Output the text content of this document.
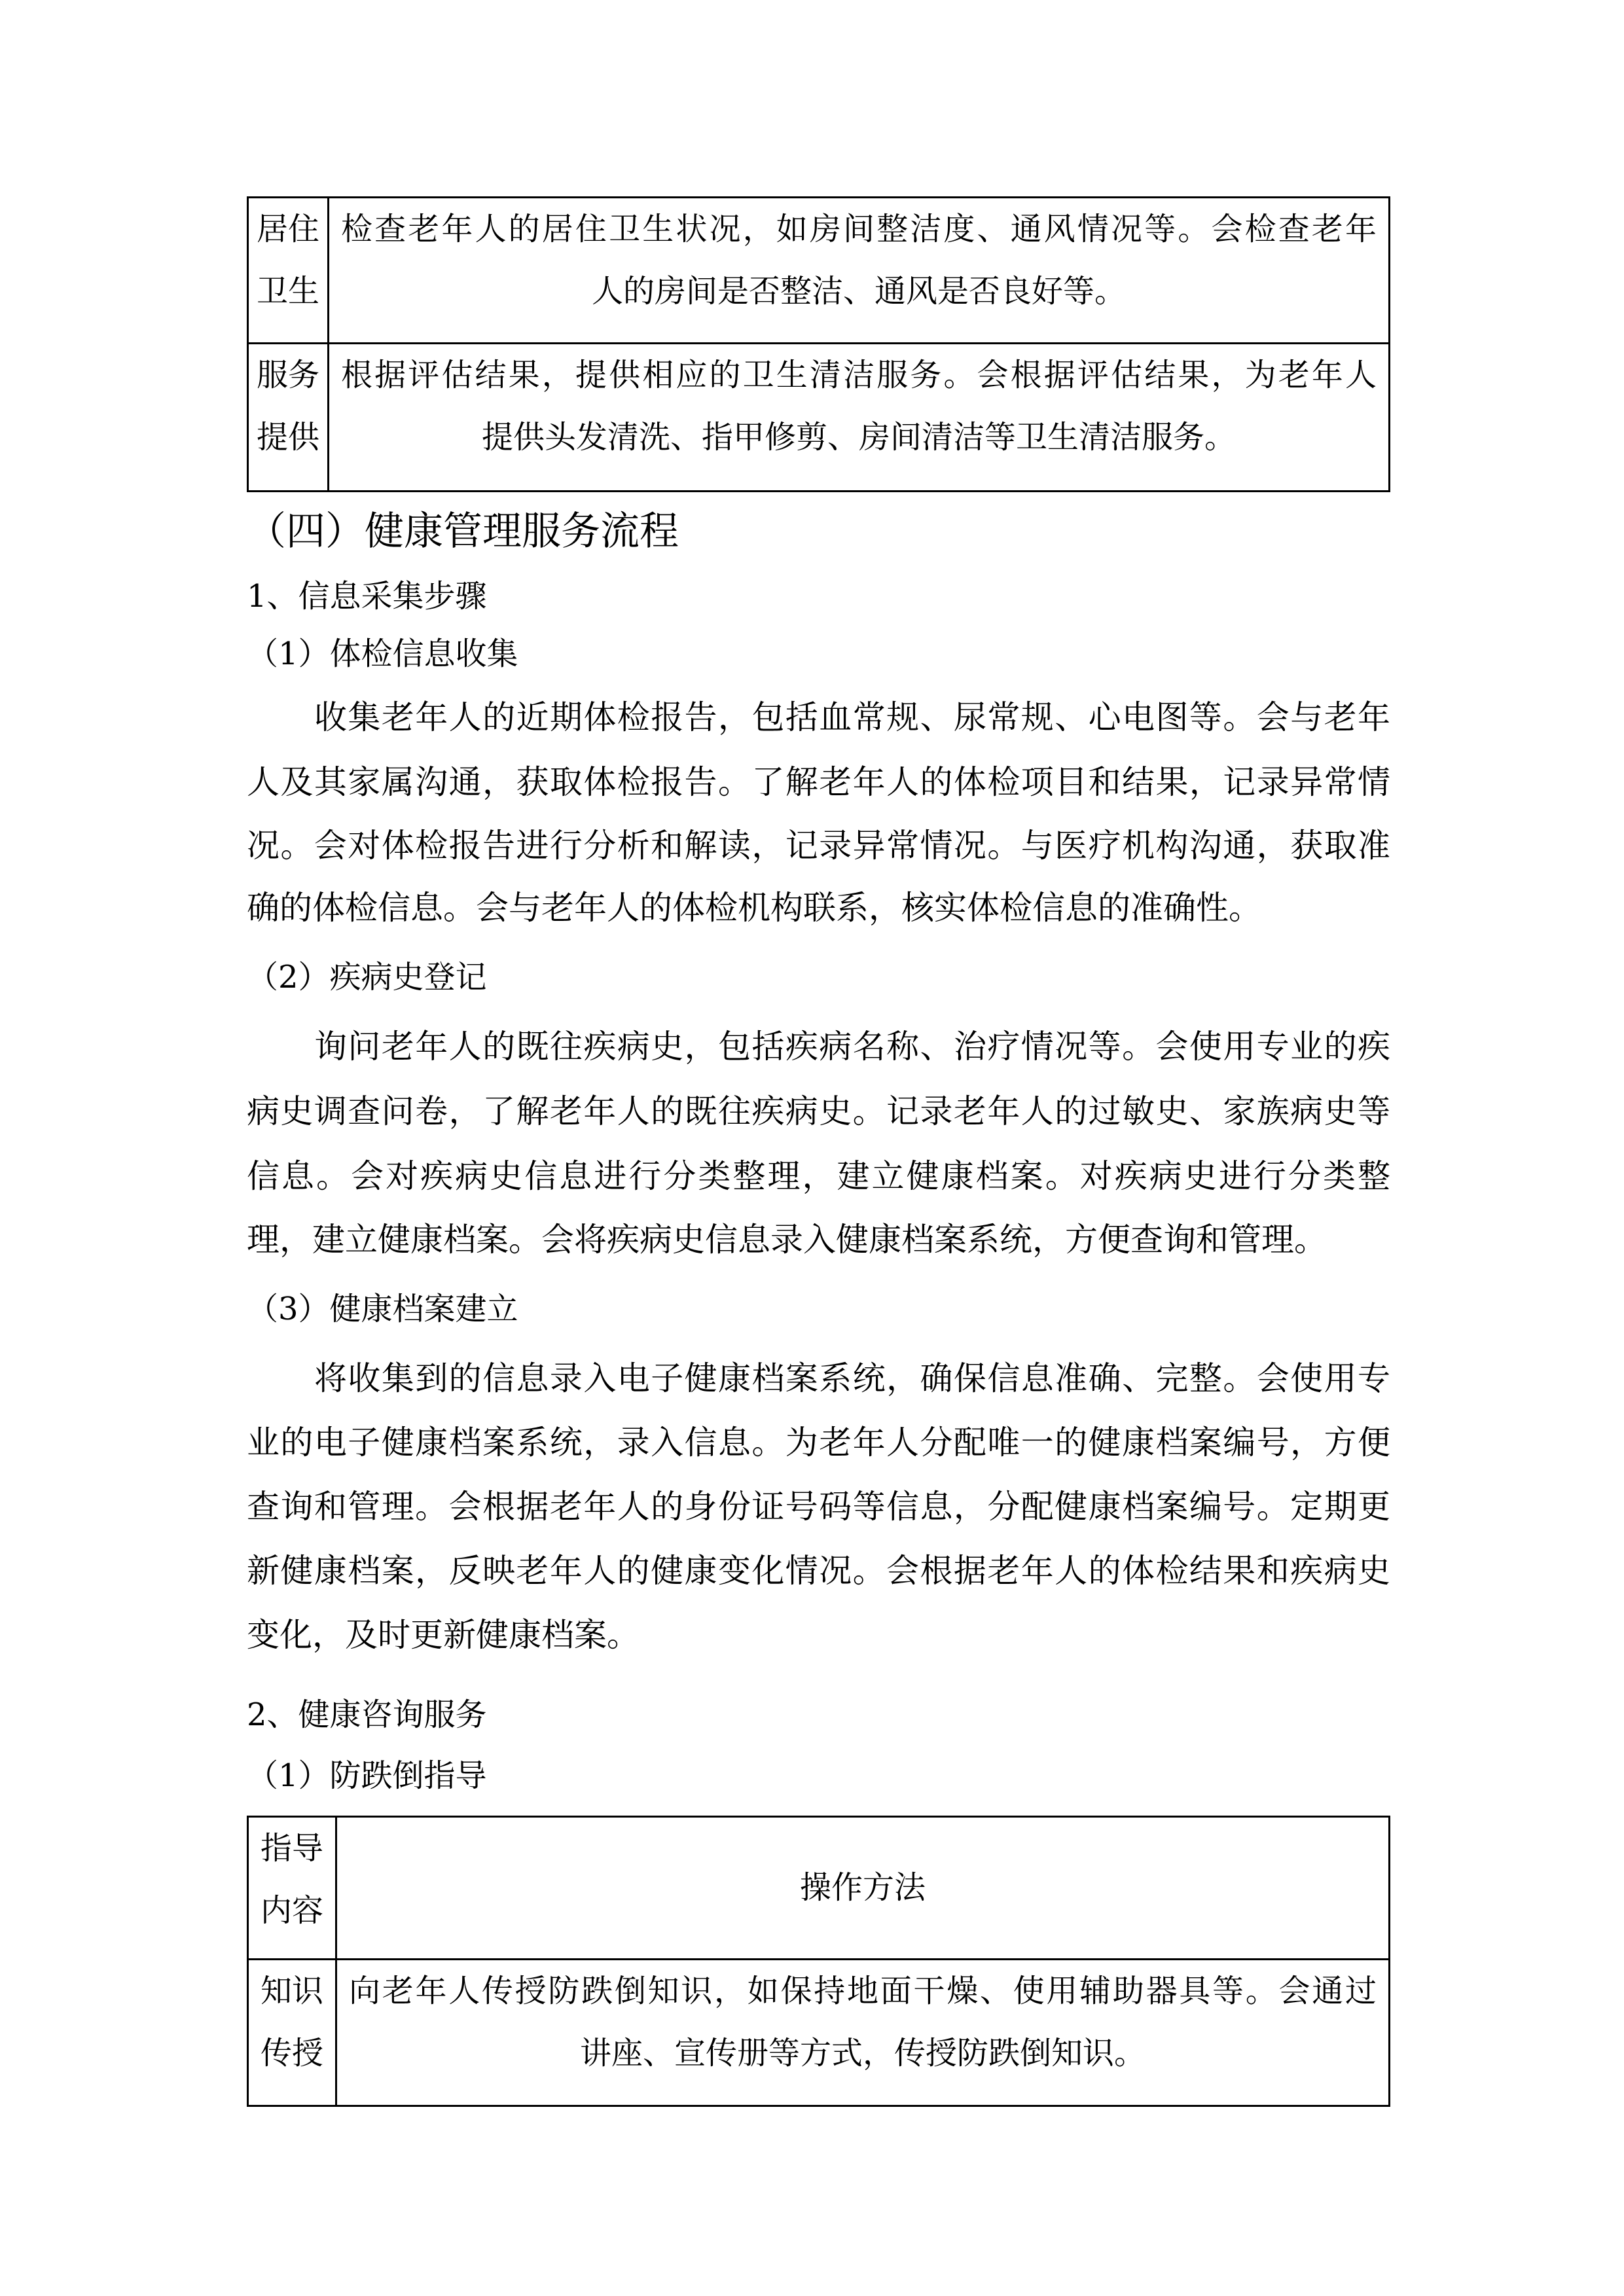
居住
卫生	检查老年人的居住卫生状况，如房间整洁度、通风情况等。会检查老年
人的房间是否整洁、通风是否良好等。

服务
提供	根据评估结果，提供相应的卫生清洁服务。会根据评估结果，为老年人
提供头发清洗、指甲修剪、房间清洁等卫生清洁服务。
（四）健康管理服务流程
1、信息采集步骤
（1）体检信息收集
收集老年人的近期体检报告，包括血常规、尿常规、心电图等。会与老年
人及其家属沟通，获取体检报告。了解老年人的体检项目和结果，记录异常情
况。会对体检报告进行分析和解读，记录异常情况。与医疗机构沟通，获取准
确的体检信息。会与老年人的体检机构联系，核实体检信息的准确性。
（2）疾病史登记
询问老年人的既往疾病史，包括疾病名称、治疗情况等。会使用专业的疾
病史调查问卷，了解老年人的既往疾病史。记录老年人的过敏史、家族病史等
信息。会对疾病史信息进行分类整理，建立健康档案。对疾病史进行分类整
理，建立健康档案。会将疾病史信息录入健康档案系统，方便查询和管理。
（3）健康档案建立
将收集到的信息录入电子健康档案系统，确保信息准确、完整。会使用专
业的电子健康档案系统，录入信息。为老年人分配唯一的健康档案编号，方便
查询和管理。会根据老年人的身份证号码等信息，分配健康档案编号。定期更
新健康档案，反映老年人的健康变化情况。会根据老年人的体检结果和疾病史
变化，及时更新健康档案。
2、健康咨询服务
（1）防跌倒指导
指导
内容	操作方法

知识
传授	向老年人传授防跌倒知识，如保持地面干燥、使用辅助器具等。会通过
讲座、宣传册等方式，传授防跌倒知识。
